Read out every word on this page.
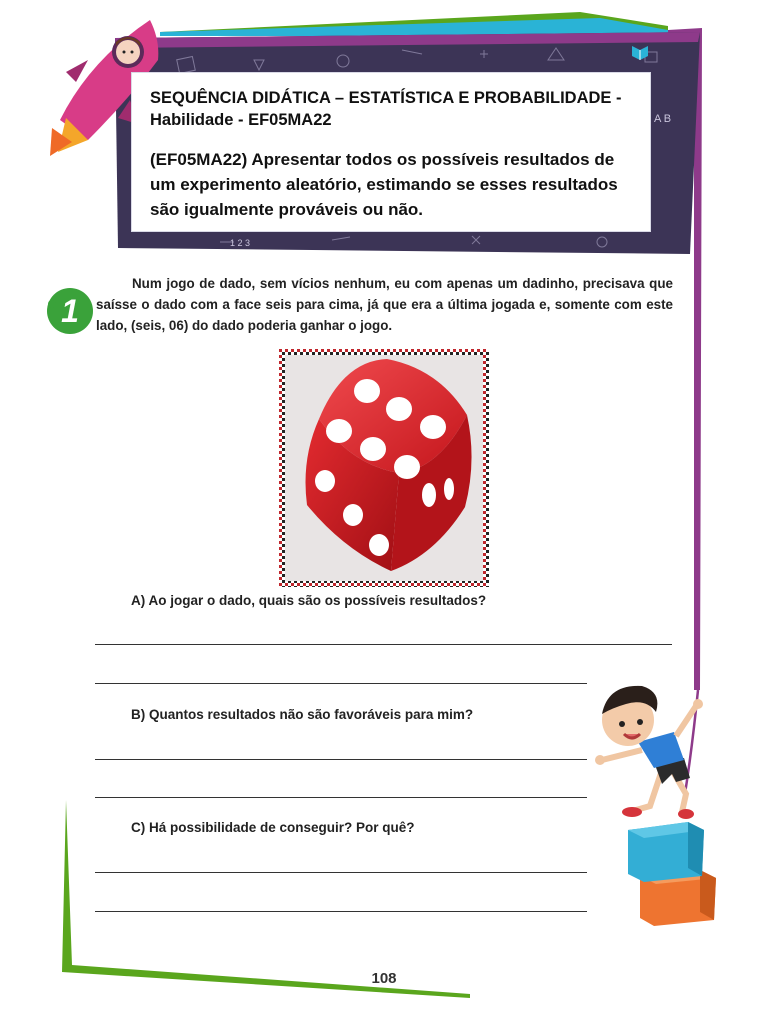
A B
1 2 3
SEQUÊNCIA DIDÁTICA – ESTATÍSTICA E PROBABILIDADE - Habilidade - EF05MA22
(EF05MA22) Apresentar todos os possíveis resultados de um experimento aleatório, estimando se esses resultados são igualmente prováveis ou não.
1
Num jogo de dado, sem vícios nenhum, eu com apenas um dadinho, precisava que saísse o dado com a face seis para cima, já que era a última jogada e, somente com este lado, (seis, 06) do dado poderia ganhar o jogo.
A) Ao jogar o dado, quais são os possíveis resultados?
B) Quantos resultados não são favoráveis para mim?
C) Há possibilidade de conseguir? Por quê?
108
